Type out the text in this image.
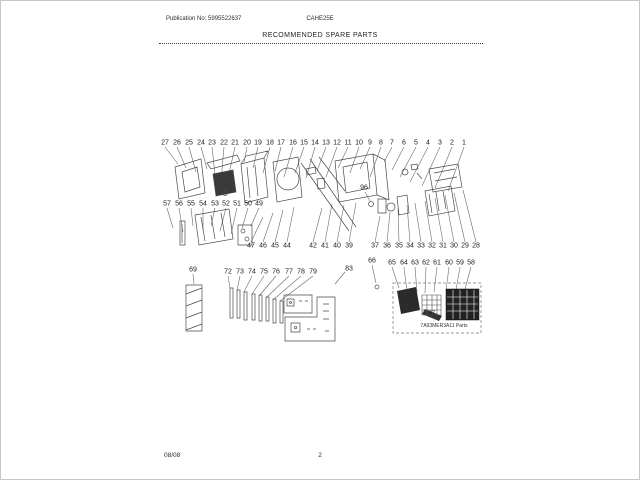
Publication No: 5995522637	CAHE25E
RECOMMENDED SPARE PARTS
27 26 25 24 23 22 21 20 19 18 17 16 15 14 13 12 11 10 9 8 7 6 5 4 3 2 1
57 56 55 54 53 52 51 50 49
96
47 46 45 44	42 41 40 39	37 36 35 34 33 32 31 30 29 28
69	72 73 74 75 76 77 78 79	83
66 65 64 63 62 61 60 59 58
97
7A93MER3A11 Parts
08/08	2
